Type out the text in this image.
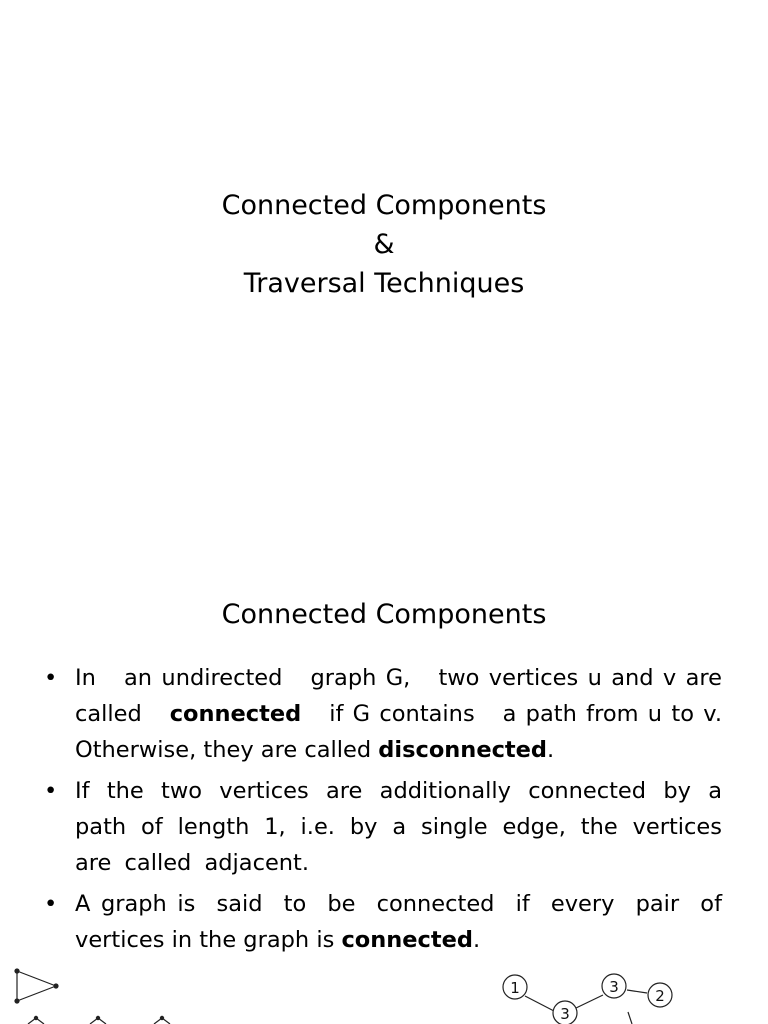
Connected Components
&
Traversal Techniques
Connected Components
• In   an undirected   graph G,   two vertices u and v are called   connected   if G contains   a path from u to v. Otherwise, they are called disconnected.
• If the two vertices are additionally connected by a path of length 1, i.e. by a single edge, the vertices are called adjacent.
• A graph is  said  to  be  connected  if  every  pair  of vertices in the graph is connected.
1
3
3 2
